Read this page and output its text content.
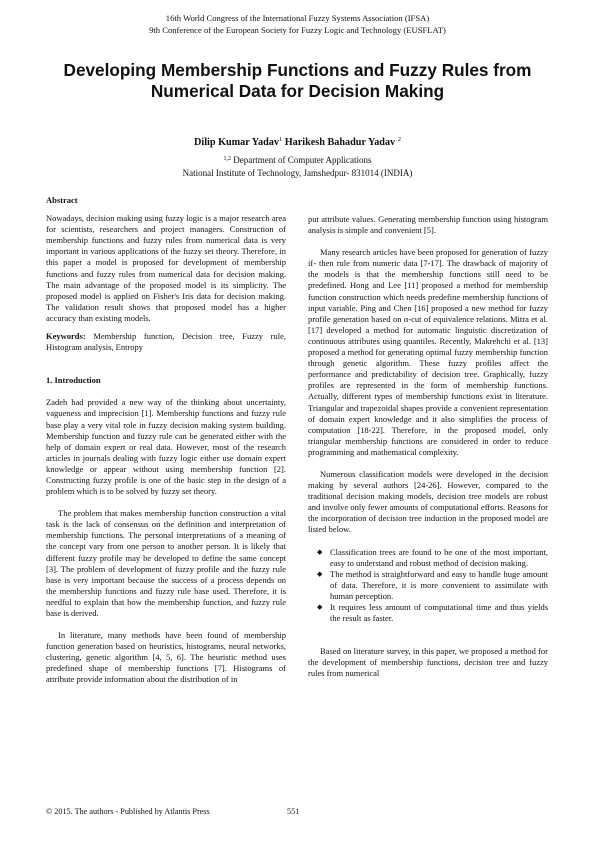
16th World Congress of the International Fuzzy Systems Association (IFSA)
9th Conference of the European Society for Fuzzy Logic and Technology (EUSFLAT)
Developing Membership Functions and Fuzzy Rules from Numerical Data for Decision Making
Dilip Kumar Yadav$^1$ Harikesh Bahadur Yadav $^2$
$^{1,2}$ Department of Computer Applications
National Institute of Technology, Jamshedpur- 831014 (INDIA)

Abstract

Nowadays, decision making using fuzzy logic is a major research area for scientists, researchers and project managers. Construction of membership functions and fuzzy rules from numerical data is very important in various applications of the fuzzy set theory. Therefore, in this paper a model is proposed for development of membership functions and fuzzy rules from numerical data for decision making. The main advantage of the proposed model is its simplicity. The proposed model is applied on Fisher's Iris data for decision making. The validation result shows that proposed model has a higher accuracy than existing models.

Keywords: Membership function, Decision tree, Fuzzy rule, Histogram analysis, Entropy

1. Introduction

Zadeh had provided a new way of the thinking about uncertainty, vagueness and imprecision [1]. Membership functions and fuzzy rule base play a very vital role in fuzzy decision making system building. Membership function and fuzzy rule can be generated either with the help of domain expert or real data. However, most of the research articles in journals dealing with fuzzy logic either use domain expert knowledge or appear without using membership function [2]. Constructing fuzzy profile is one of the basic step in the design of a problem which is to be solved by fuzzy set theory.

The problem that makes membership function construction a vital task is the lack of consensus on the definition and interpretation of membership functions. The personal interpretations of a meaning of the concept vary from one person to another person. It is likely that different fuzzy profile may be developed to define the same concept [3]. The problem of development of fuzzy profile and the fuzzy rule base is very important because the success of a process depends on the membership functions and fuzzy rule base used. Therefore, it is needful to explain that how the membership function, and fuzzy rule base is derived.

In literature, many methods have been found of membership function generation based on heuristics, histograms, neural networks, clustering, genetic algorithm [4, 5, 6]. The heuristic method uses predefined shape of membership functions [7]. Histograms of attribute provide information about the distribution of in

put attribute values. Generating membership function using histogram analysis is simple and convenient [5].

Many research articles have been proposed for generation of fuzzy if- then rule from numeric data [7-17]. The drawback of majority of the models is that the membership functions still need to be predefined. Hong and Lee [11] proposed a method for membership function construction which needs predefine membership functions of input variable. Ping and Chen [16] proposed a new method for fuzzy profile generation based on α-cut of equivalence relations. Mitra et al. [17] developed a method for automatic linguistic discretization of continuous attributes using quantiles. Recently, Makrehchi et al. [13] proposed a method for generating optimal fuzzy membership function through genetic algorithm. These fuzzy profiles affect the performance and predictability of decision tree. Graphically, fuzzy profiles are represented in the form of membership functions. Actually, different types of membership functions exist in literature. Triangular and trapezoidal shapes provide a convenient representation of domain expert knowledge and it also simplifies the process of computation [18-22]. Therefore, in the proposed model, only triangular membership functions are considered in order to reduce programming and mathematical complexity.

Numerous classification models were developed in the decision making by several authors [24-26]. However, compared to the traditional decision making models, decision tree models are robust and involve only fewer amounts of computational efforts. Reasons for the incorporation of decision tree induction in the proposed model are listed below.

◆ Classification trees are found to be one of the most important, easy to understand and robust method of decision making.
◆ The method is straightforward and easy to handle huge amount of data. Therefore, it is more convenient to assimilate with human perception.
◆ It requires less amount of computational time and thus yields the result as faster.

Based on literature survey, in this paper, we proposed a method for the development of membership functions, decision tree and fuzzy rules from numerical

© 2015. The authors - Published by Atlantis Press	551
